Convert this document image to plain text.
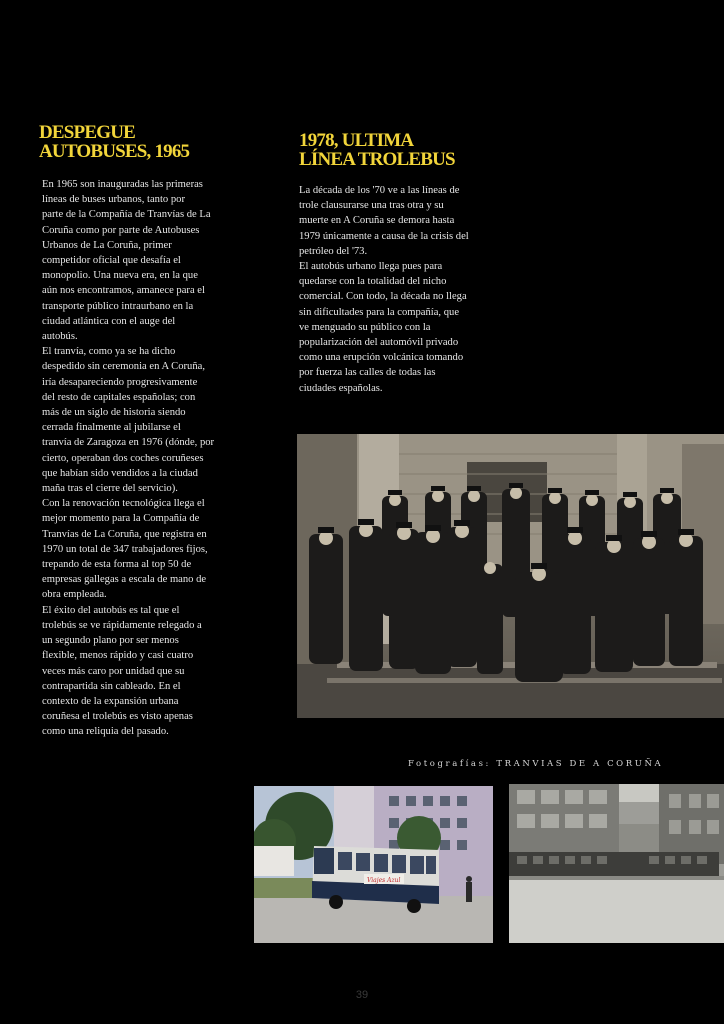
DESPEGUE
AUTOBUSES, 1965

En 1965 son inauguradas las primeras
líneas de buses urbanos, tanto por
parte de la Compañía de Tranvías de La
Coruña como por parte de Autobuses
Urbanos de La Coruña, primer
competidor oficial que desafía el
monopolio. Una nueva era, en la que
aún nos encontramos, amanece para el
transporte público intraurbano en la
ciudad atlántica con el auge del
autobús.

El tranvía, como ya se ha dicho
despedido sin ceremonia en A Coruña,
iría desapareciendo progresivamente
del resto de capitales españolas; con
más de un siglo de historia siendo
cerrada finalmente al jubilarse el
tranvía de Zaragoza en 1976 (dónde, por
cierto, operaban dos coches coruñeses
que habían sido vendidos a la ciudad
maña tras el cierre del servicio).

Con la renovación tecnológica llega el
mejor momento para la Compañía de
Tranvías de La Coruña, que registra en
1970 un total de 347 trabajadores fijos,
trepando de esta forma al top 50 de
empresas gallegas a escala de mano de
obra empleada.

El éxito del autobús es tal que el
trolebús se ve rápidamente relegado a
un segundo plano por ser menos
flexible, menos rápido y casi cuatro
veces más caro por unidad que su
contrapartida sin cableado. En el
contexto de la expansión urbana
coruñesa el trolebús es visto apenas
como una reliquia del pasado.

1978, ULTIMA
LÍNEA TROLEBUS

La década de los '70 ve a las líneas de
trole clausurarse una tras otra y su
muerte en A Coruña se demora hasta
1979 únicamente a causa de la crisis del
petróleo del '73.

El autobús urbano llega pues para
quedarse con la totalidad del nicho
comercial. Con todo, la década no llega
sin dificultades para la compañía, que
ve menguado su público con la
popularización del automóvil privado
como una erupción volcánica tomando
por fuerza las calles de todas las
ciudades españolas.

Fotografías: TRANVIAS DE A CORUÑA
Viajes Azul
39
